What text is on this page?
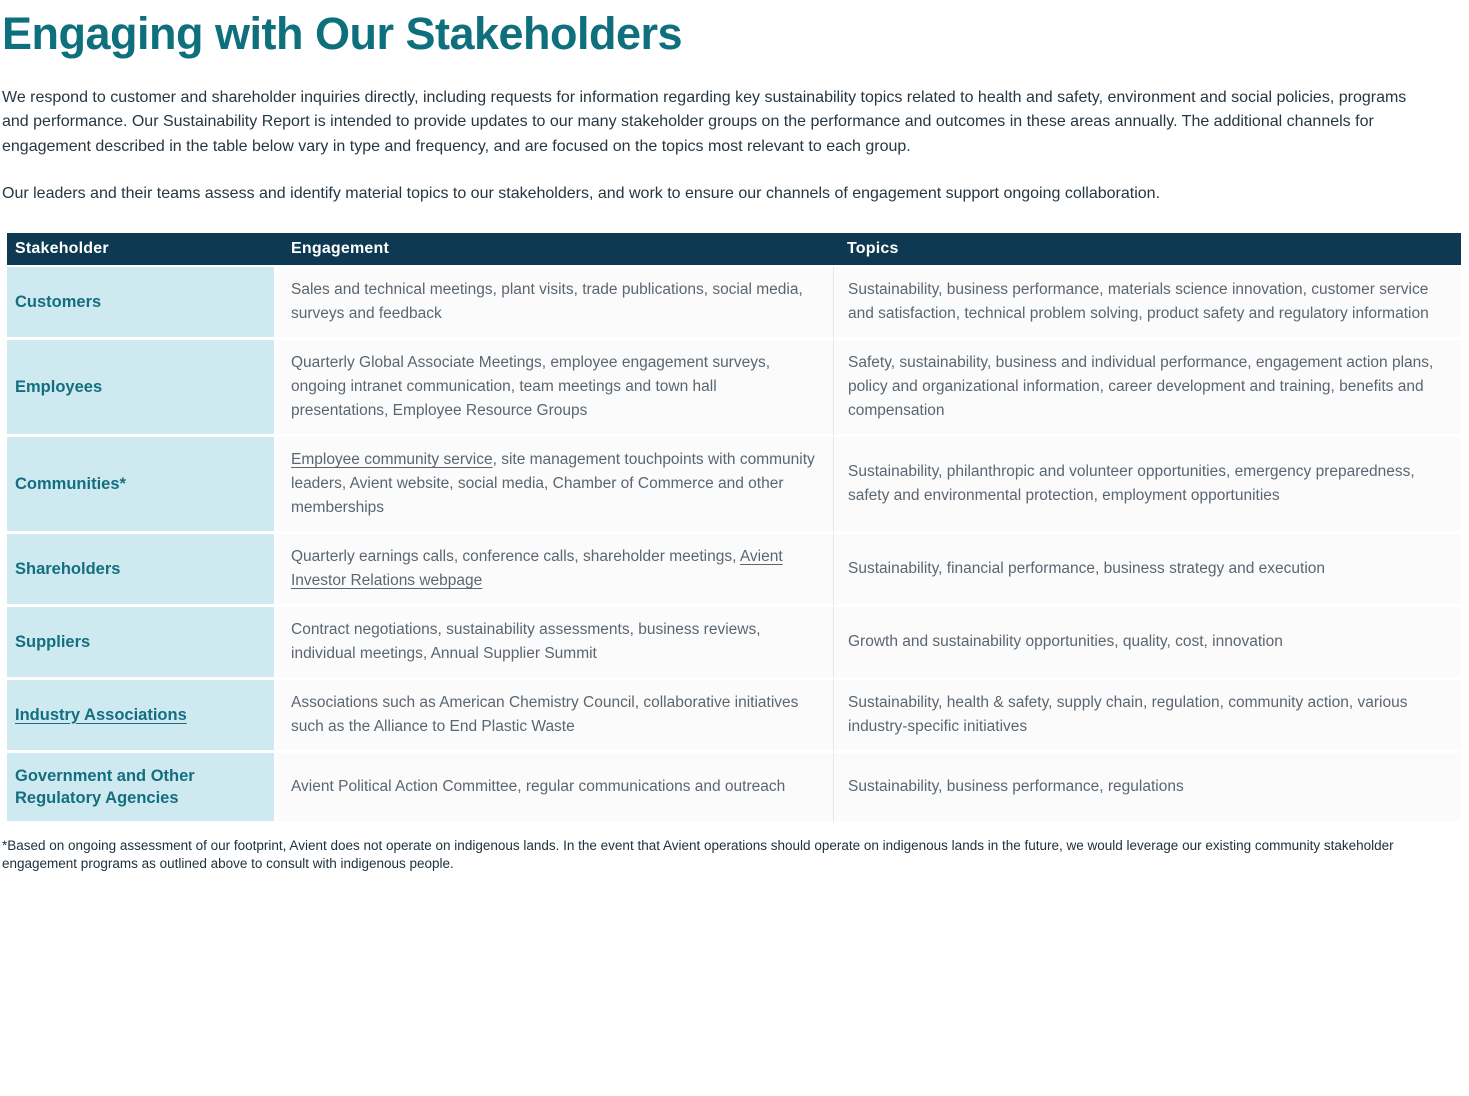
Engaging with Our Stakeholders

We respond to customer and shareholder inquiries directly, including requests for information regarding key sustainability topics related to health and safety, environment and social policies, programs and performance. Our Sustainability Report is intended to provide updates to our many stakeholder groups on the performance and outcomes in these areas annually. The additional channels for engagement described in the table below vary in type and frequency, and are focused on the topics most relevant to each group.

Our leaders and their teams assess and identify material topics to our stakeholders, and work to ensure our channels of engagement support ongoing collaboration.

Stakeholder	Engagement	Topics
Customers	Sales and technical meetings, plant visits, trade publications, social media, surveys and feedback	Sustainability, business performance, materials science innovation, customer service and satisfaction, technical problem solving, product safety and regulatory information
Employees	Quarterly Global Associate Meetings, employee engagement surveys, ongoing intranet communication, team meetings and town hall presentations, Employee Resource Groups	Safety, sustainability, business and individual performance, engagement action plans, policy and organizational information, career development and training, benefits and compensation
Communities*	Employee community service, site management touchpoints with community leaders, Avient website, social media, Chamber of Commerce and other memberships	Sustainability, philanthropic and volunteer opportunities, emergency preparedness, safety and environmental protection, employment opportunities
Shareholders	Quarterly earnings calls, conference calls, shareholder meetings, Avient Investor Relations webpage	Sustainability, financial performance, business strategy and execution
Suppliers	Contract negotiations, sustainability assessments, business reviews, individual meetings, Annual Supplier Summit	Growth and sustainability opportunities, quality, cost, innovation
Industry Associations	Associations such as American Chemistry Council, collaborative initiatives such as the Alliance to End Plastic Waste	Sustainability, health & safety, supply chain, regulation, community action, various industry-specific initiatives
Government and Other Regulatory Agencies	Avient Political Action Committee, regular communications and outreach	Sustainability, business performance, regulations

*Based on ongoing assessment of our footprint, Avient does not operate on indigenous lands. In the event that Avient operations should operate on indigenous lands in the future, we would leverage our existing community stakeholder engagement programs as outlined above to consult with indigenous people.
